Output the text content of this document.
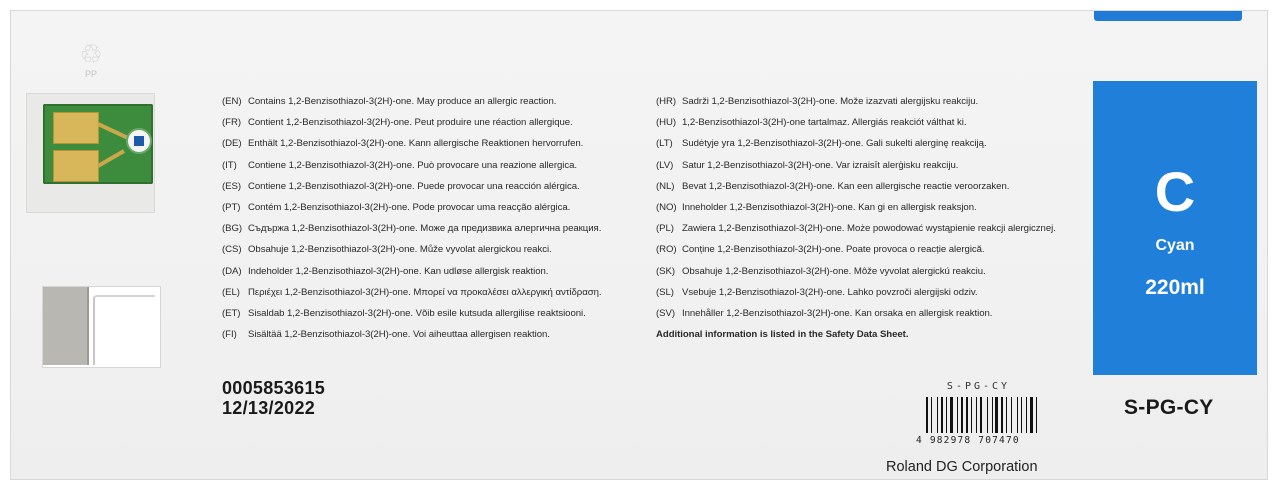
♲
PP
(EN) Contains 1,2-Benzisothiazol-3(2H)-one. May produce an allergic reaction.
(FR) Contient 1,2-Benzisothiazol-3(2H)-one. Peut produire une réaction allergique.
(DE) Enthält 1,2-Benzisothiazol-3(2H)-one. Kann allergische Reaktionen hervorrufen.
(IT) Contiene 1,2-Benzisothiazol-3(2H)-one. Può provocare una reazione allergica.
(ES) Contiene 1,2-Benzisothiazol-3(2H)-one. Puede provocar una reacción alérgica.
(PT) Contém 1,2-Benzisothiazol-3(2H)-one. Pode provocar uma reacção alérgica.
(BG) Съдържа 1,2-Benzisothiazol-3(2H)-one. Може да предизвика алергична реакция.
(CS) Obsahuje 1,2-Benzisothiazol-3(2H)-one. Může vyvolat alergickou reakci.
(DA) Indeholder 1,2-Benzisothiazol-3(2H)-one. Kan udløse allergisk reaktion.
(EL) Περιέχει 1,2-Benzisothiazol-3(2H)-one. Μπορεί να προκαλέσει αλλεργική αντίδραση.
(ET) Sisaldab 1,2-Benzisothiazol-3(2H)-one. Võib esile kutsuda allergilise reaktsiooni.
(FI) Sisältää 1,2-Benzisothiazol-3(2H)-one. Voi aiheuttaa allergisen reaktion.
(HR) Sadrži 1,2-Benzisothiazol-3(2H)-one. Može izazvati alergijsku reakciju.
(HU) 1,2-Benzisothiazol-3(2H)-one tartalmaz. Allergiás reakciót válthat ki.
(LT) Sudėtyje yra 1,2-Benzisothiazol-3(2H)-one. Gali sukelti alerginę reakciją.
(LV) Satur 1,2-Benzisothiazol-3(2H)-one. Var izraisīt alerģisku reakciju.
(NL) Bevat 1,2-Benzisothiazol-3(2H)-one. Kan een allergische reactie veroorzaken.
(NO) Inneholder 1,2-Benzisothiazol-3(2H)-one. Kan gi en allergisk reaksjon.
(PL) Zawiera 1,2-Benzisothiazol-3(2H)-one. Może powodować wystąpienie reakcji alergicznej.
(RO) Conține 1,2-Benzisothiazol-3(2H)-one. Poate provoca o reacție alergică.
(SK) Obsahuje 1,2-Benzisothiazol-3(2H)-one. Môže vyvolat alergickú reakciu.
(SL) Vsebuje 1,2-Benzisothiazol-3(2H)-one. Lahko povzroči alergijski odziv.
(SV) Innehåller 1,2-Benzisothiazol-3(2H)-one. Kan orsaka en allergisk reaktion.
Additional information is listed in the Safety Data Sheet.
0005853615
12/13/2022
S-PG-CY
4 982978 707470
Roland DG Corporation
C
Cyan
220ml
S-PG-CY
